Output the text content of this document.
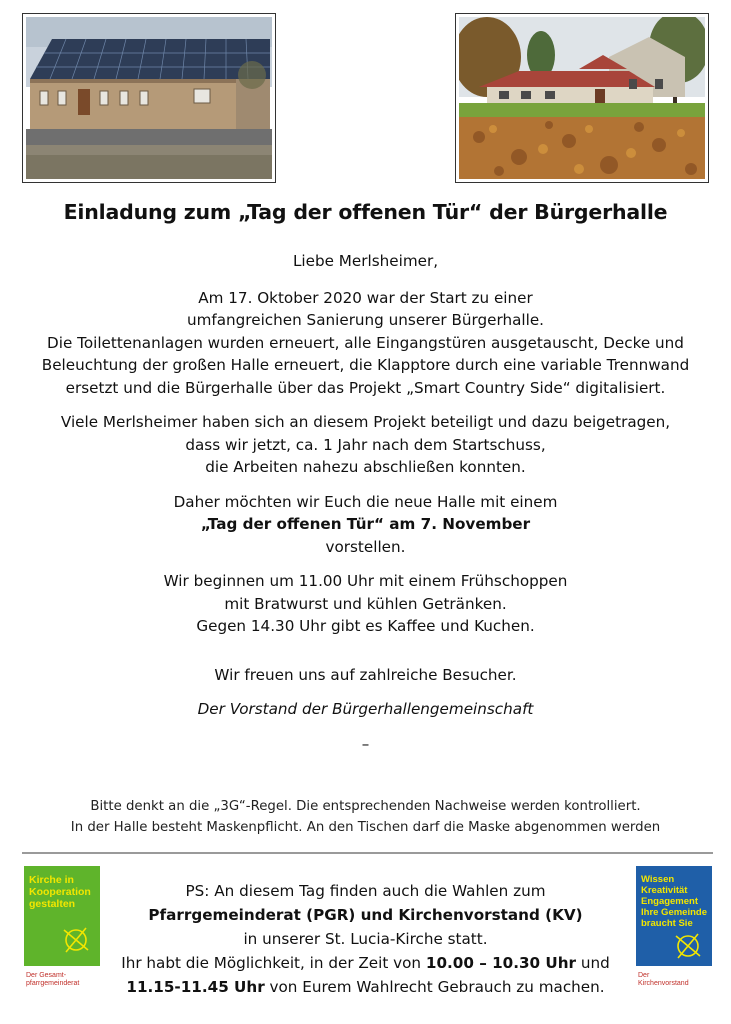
Einladung zum „Tag der offenen Tür“ der Bürgerhalle

Liebe Merlsheimer,

Am 17. Oktober 2020 war der Start zu einer

umfangreichen Sanierung unserer Bürgerhalle.

Die Toilettenanlagen wurden erneuert, alle Eingangstüren ausgetauscht, Decke und

Beleuchtung der großen Halle erneuert, die Klapptore durch eine variable Trennwand

ersetzt und die Bürgerhalle über das Projekt „Smart Country Side“ digitalisiert.

Viele Merlsheimer haben sich an diesem Projekt beteiligt und dazu beigetragen,

dass wir jetzt, ca. 1 Jahr nach dem Startschuss,

die Arbeiten nahezu abschließen konnten.

Daher möchten wir Euch die neue Halle mit einem

„Tag der offenen Tür“ am 7. November

vorstellen.

Wir beginnen um 11.00 Uhr mit einem Frühschoppen

mit Bratwurst und kühlen Getränken.

Gegen 14.30 Uhr gibt es Kaffee und Kuchen.

Wir freuen uns auf zahlreiche Besucher.

Der Vorstand der Bürgerhallengemeinschaft

–

Bitte denkt an die „3G“-Regel. Die entsprechenden Nachweise werden kontrolliert.
In der Halle besteht Maskenpflicht. An den Tischen darf die Maske abgenommen werden
Kirche in
Kooperation
gestalten
Der Gesamt-
pfarrgemeinderat
PS: An diesem Tag finden auch die Wahlen zum
Pfarrgemeinderat (PGR) und Kirchenvorstand (KV)
in unserer St. Lucia-Kirche statt.
Ihr habt die Möglichkeit, in der Zeit von 10.00 – 10.30 Uhr und
11.15-11.45 Uhr von Eurem Wahlrecht Gebrauch zu machen.
Wissen
Kreativität
Engagement
Ihre Gemeinde
braucht Sie
Der
Kirchenvorstand
